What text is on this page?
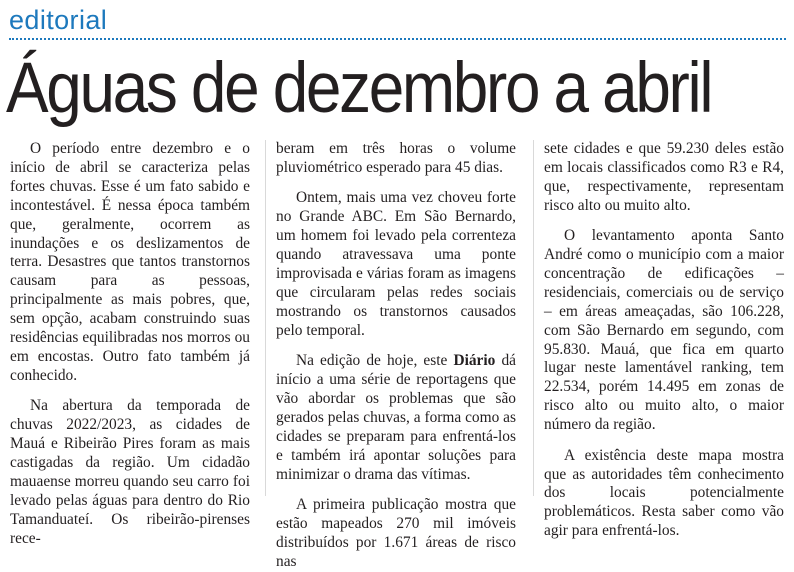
editorial
Águas de dezembro a abril

O período entre dezembro e o início de abril se caracteriza pelas fortes chuvas. Esse é um fato sabido e incontestável. É nessa época também que, geralmente, ocorrem as inundações e os deslizamentos de terra. Desastres que tantos transtornos causam para as pessoas, principalmente as mais pobres, que, sem opção, acabam construindo suas residências equilibradas nos morros ou em encostas. Outro fato também já conhecido.

Na abertura da temporada de chuvas 2022/2023, as cidades de Mauá e Ribeirão Pires foram as mais castigadas da região. Um cidadão mauaense morreu quando seu carro foi levado pelas águas para dentro do Rio Tamanduateí. Os ribeirão-pirenses rece-

beram em três horas o volume pluviométrico esperado para 45 dias.

Ontem, mais uma vez choveu forte no Grande ABC. Em São Bernardo, um homem foi levado pela correnteza quando atravessava uma ponte improvisada e várias foram as imagens que circularam pelas redes sociais mostrando os transtornos causados pelo temporal.

Na edição de hoje, este Diário dá início a uma série de reportagens que vão abordar os problemas que são gerados pelas chuvas, a forma como as cidades se preparam para enfrentá-los e também irá apontar soluções para minimizar o drama das vítimas.

A primeira publicação mostra que estão mapeados 270 mil imóveis distribuídos por 1.671 áreas de risco nas

sete cidades e que 59.230 deles estão em locais classificados como R3 e R4, que, respectivamente, representam risco alto ou muito alto.

O levantamento aponta Santo André como o município com a maior concentração de edificações – residenciais, comerciais ou de serviço – em áreas ameaçadas, são 106.228, com São Bernardo em segundo, com 95.830. Mauá, que fica em quarto lugar neste lamentável ranking, tem 22.534, porém 14.495 em zonas de risco alto ou muito alto, o maior número da região.

A existência deste mapa mostra que as autoridades têm conhecimento dos locais potencialmente problemáticos. Resta saber como vão agir para enfrentá-los.
